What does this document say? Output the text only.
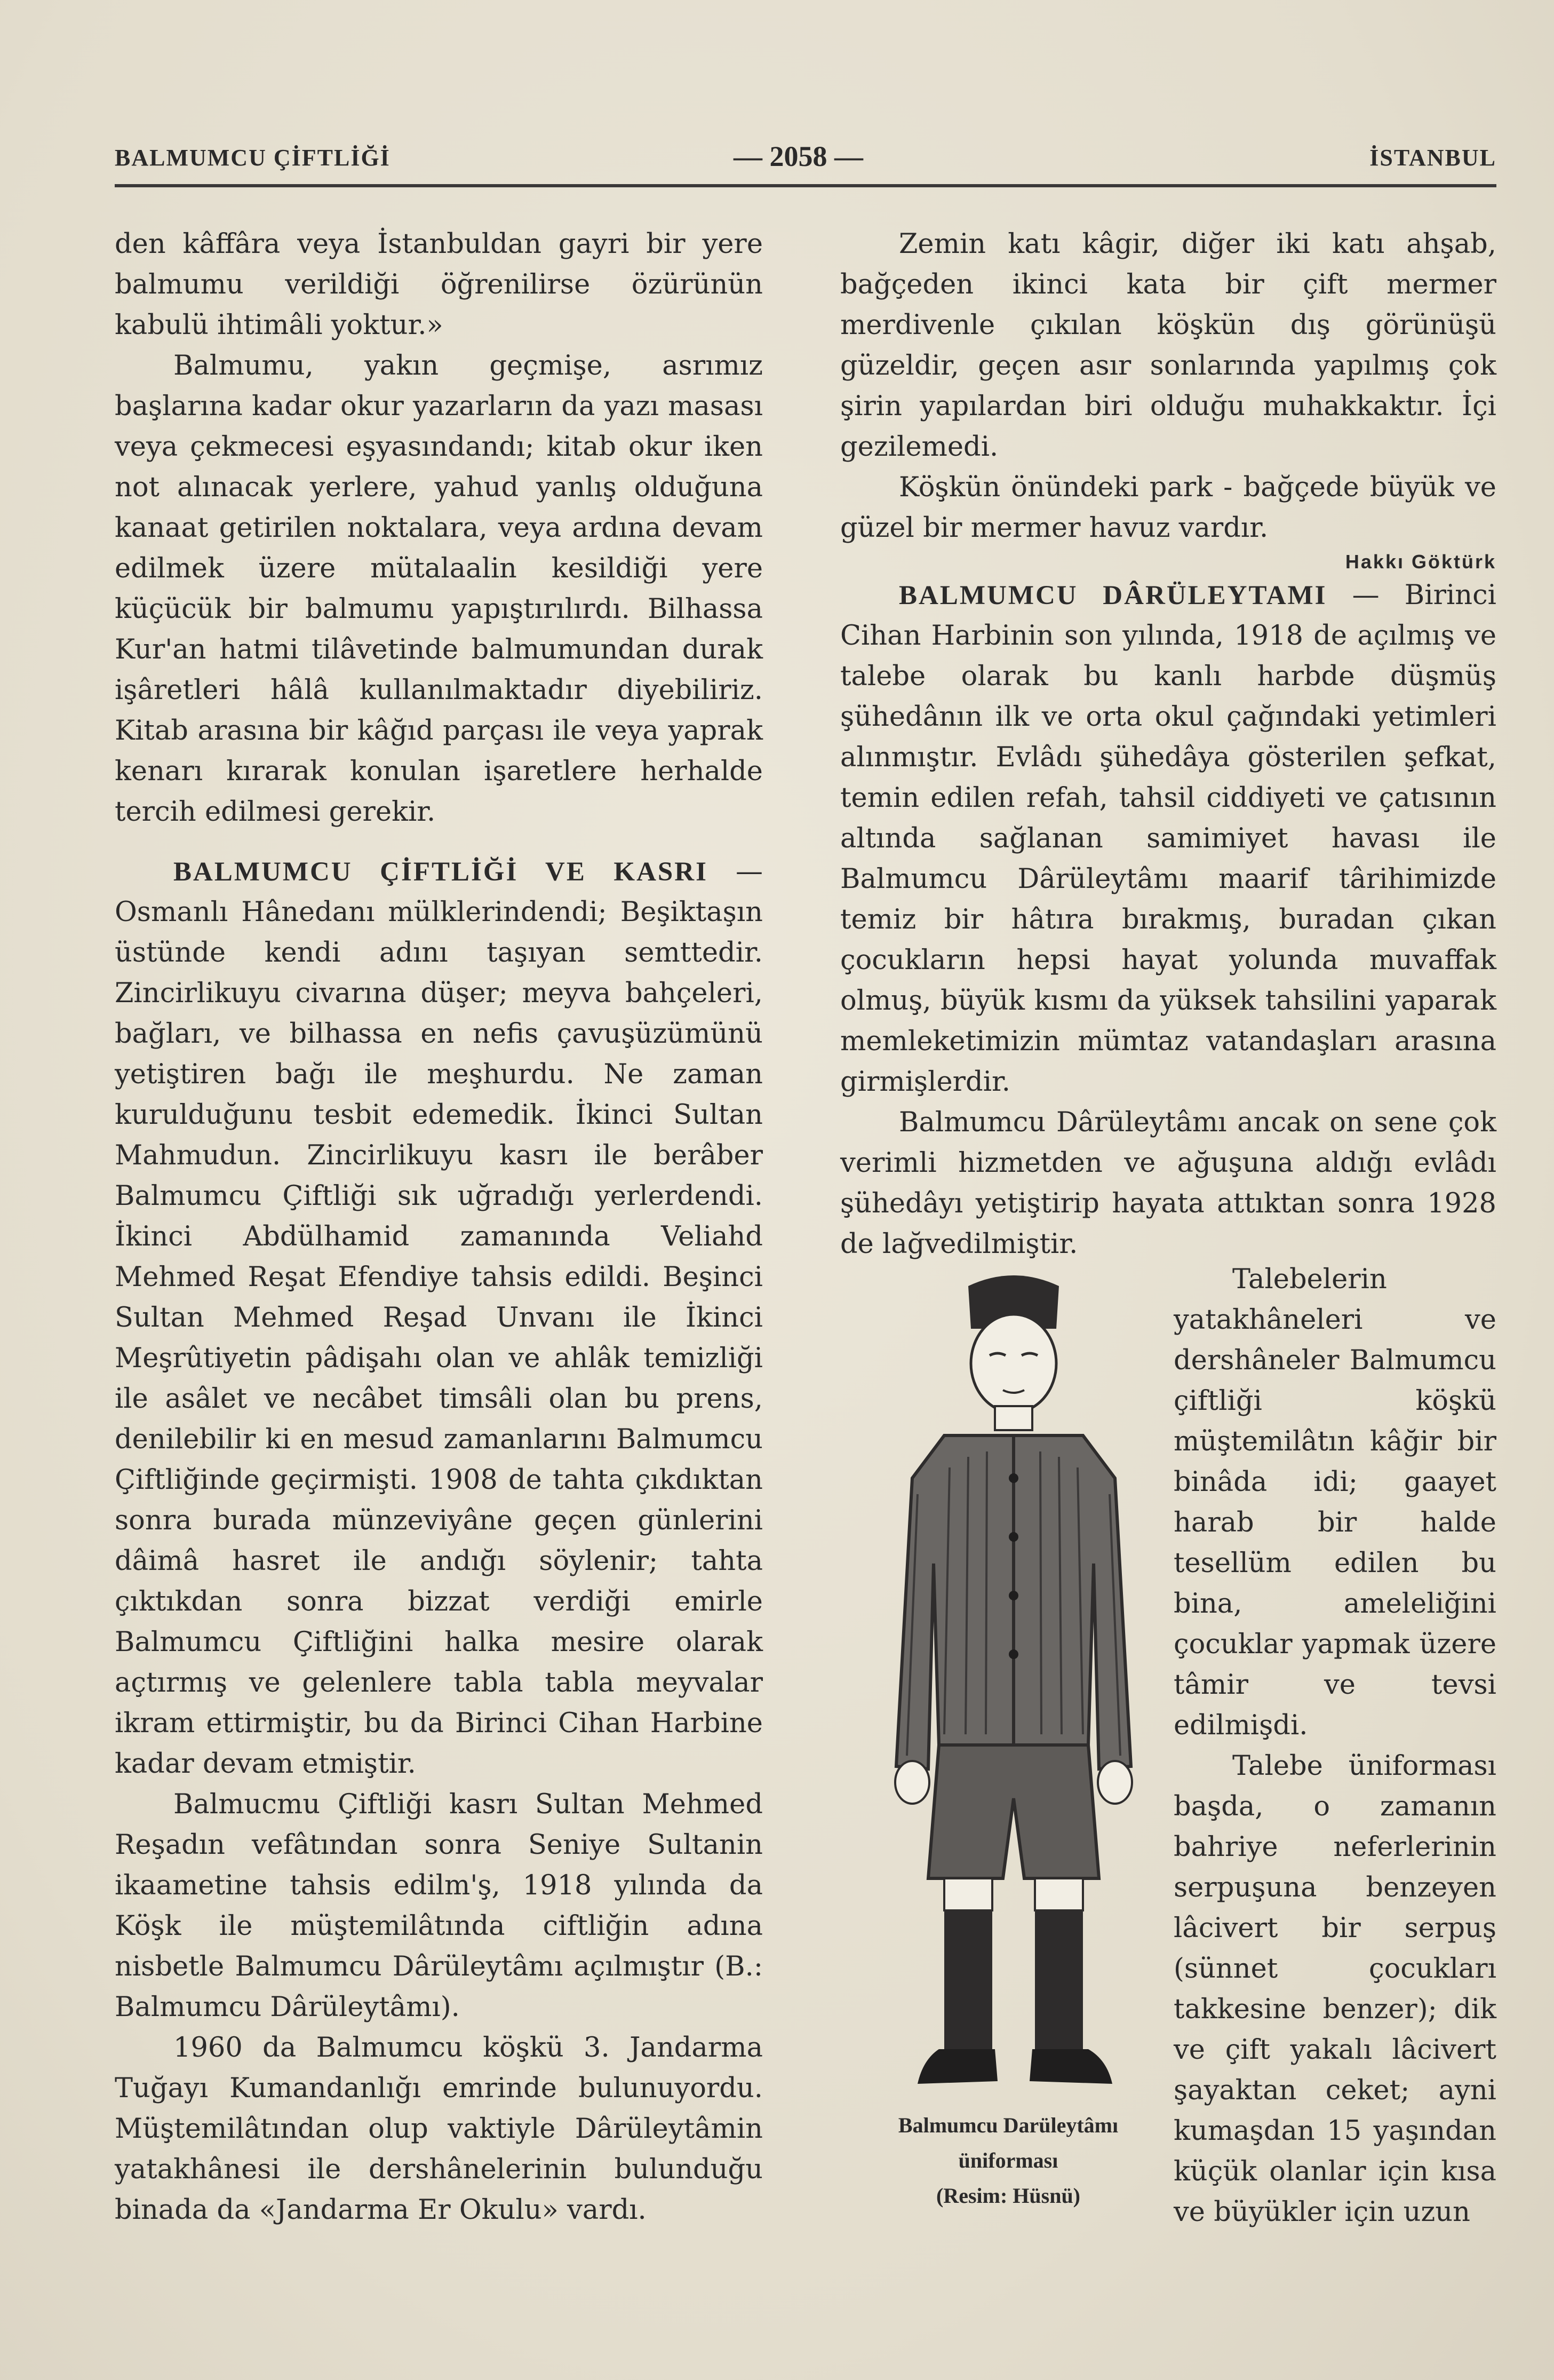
BALMUMCU ÇİFTLİĞİ	— 2058 —	İSTANBUL

den kâffâra veya İstanbuldan gayri bir yere balmumu verildiği öğrenilirse özürünün kabulü ihtimâli yoktur.»

Balmumu, yakın geçmişe, asrımız başlarına kadar okur yazarların da yazı masası veya çekmecesi eşyasındandı; kitab okur iken not alınacak yerlere, yahud yanlış olduğuna kanaat getirilen noktalara, veya ardına devam edilmek üzere mütalaalin kesildiği yere küçücük bir balmumu yapıştırılırdı. Bilhassa Kur'an hatmi tilâvetinde balmumundan durak işâretleri hâlâ kullanılmaktadır diyebiliriz. Kitab arasına bir kâğıd parçası ile veya yaprak kenarı kırarak konulan işaretlere herhalde tercih edilmesi gerekir.

BALMUMCU ÇİFTLİĞİ VE KASRI — Osmanlı Hânedanı mülklerindendi; Beşiktaşın üstünde kendi adını taşıyan semttedir. Zincirlikuyu civarına düşer; meyva bahçeleri, bağları, ve bilhassa en nefis çavuşüzümünü yetiştiren bağı ile meşhurdu. Ne zaman kurulduğunu tesbit edemedik. İkinci Sultan Mahmudun. Zincirlikuyu kasrı ile berâber Balmumcu Çiftliği sık uğradığı yerlerdendi. İkinci Abdülhamid zamanında Veliahd Mehmed Reşat Efendiye tahsis edildi. Beşinci Sultan Mehmed Reşad Unvanı ile İkinci Meşrûtiyetin pâdişahı olan ve ahlâk temizliği ile asâlet ve necâbet timsâli olan bu prens, denilebilir ki en mesud zamanlarını Balmumcu Çiftliğinde geçirmişti. 1908 de tahta çıkdıktan sonra burada münzeviyâne geçen günlerini dâimâ hasret ile andığı söylenir; tahta çıktıkdan sonra bizzat verdiği emirle Balmumcu Çiftliğini halka mesire olarak açtırmış ve gelenlere tabla tabla meyvalar ikram ettirmiştir, bu da Birinci Cihan Harbine kadar devam etmiştir.

Balmucmu Çiftliği kasrı Sultan Mehmed Reşadın vefâtından sonra Seniye Sultanin ikaametine tahsis edilm'ş, 1918 yılında da Köşk ile müştemilâtında ciftliğin adına nisbetle Balmumcu Dârüleytâmı açılmıştır (B.: Balmumcu Dârüleytâmı).

1960 da Balmumcu köşkü 3. Jandarma Tuğayı Kumandanlığı emrinde bulunuyordu. Müştemilâtından olup vaktiyle Dârüleytâmin yatakhânesi ile dershânelerinin bulunduğu binada da «Jandarma Er Okulu» vardı.

Zemin katı kâgir, diğer iki katı ahşab, bağçeden ikinci kata bir çift mermer merdivenle çıkılan köşkün dış görünüşü güzeldir, geçen asır sonlarında yapılmış çok şirin yapılardan biri olduğu muhakkaktır. İçi gezilemedi.

Köşkün önündeki park - bağçede büyük ve güzel bir mermer havuz vardır.

Hakkı Göktürk

BALMUMCU DÂRÜLEYTAMI — Birinci Cihan Harbinin son yılında, 1918 de açılmış ve talebe olarak bu kanlı harbde düşmüş şühedânın ilk ve orta okul çağındaki yetimleri alınmıştır. Evlâdı şühedâya gösterilen şefkat, temin edilen refah, tahsil ciddiyeti ve çatısının altında sağlanan samimiyet havası ile Balmumcu Dârüleytâmı maarif târihimizde temiz bir hâtıra bırakmış, buradan çıkan çocukların hepsi hayat yolunda muvaffak olmuş, büyük kısmı da yüksek tahsilini yaparak memleketimizin mümtaz vatandaşları arasına girmişlerdir.

Balmumcu Dârüleytâmı ancak on sene çok verimli hizmetden ve ağuşuna aldığı evlâdı şühedâyı yetiştirip hayata attıktan sonra 1928 de lağvedilmiştir.

Balmumcu Darüleytâmı
üniforması
(Resim: Hüsnü)

Talebelerin yatakhâneleri ve dershâneler Balmumcu çiftliği köşkü müştemilâtın kâğir bir binâda idi; gaayet harab bir halde tesellüm edilen bu bina, ameleliğini çocuklar yapmak üzere tâmir ve tevsi edilmişdi.

Talebe üniforması başda, o zamanın bahriye neferlerinin serpuşuna benzeyen lâcivert bir serpuş (sünnet çocukları takkesine benzer); dik ve çift yakalı lâcivert şayaktan ceket; ayni kumaşdan 15 yaşından küçük olanlar için kısa ve büyükler için uzun
